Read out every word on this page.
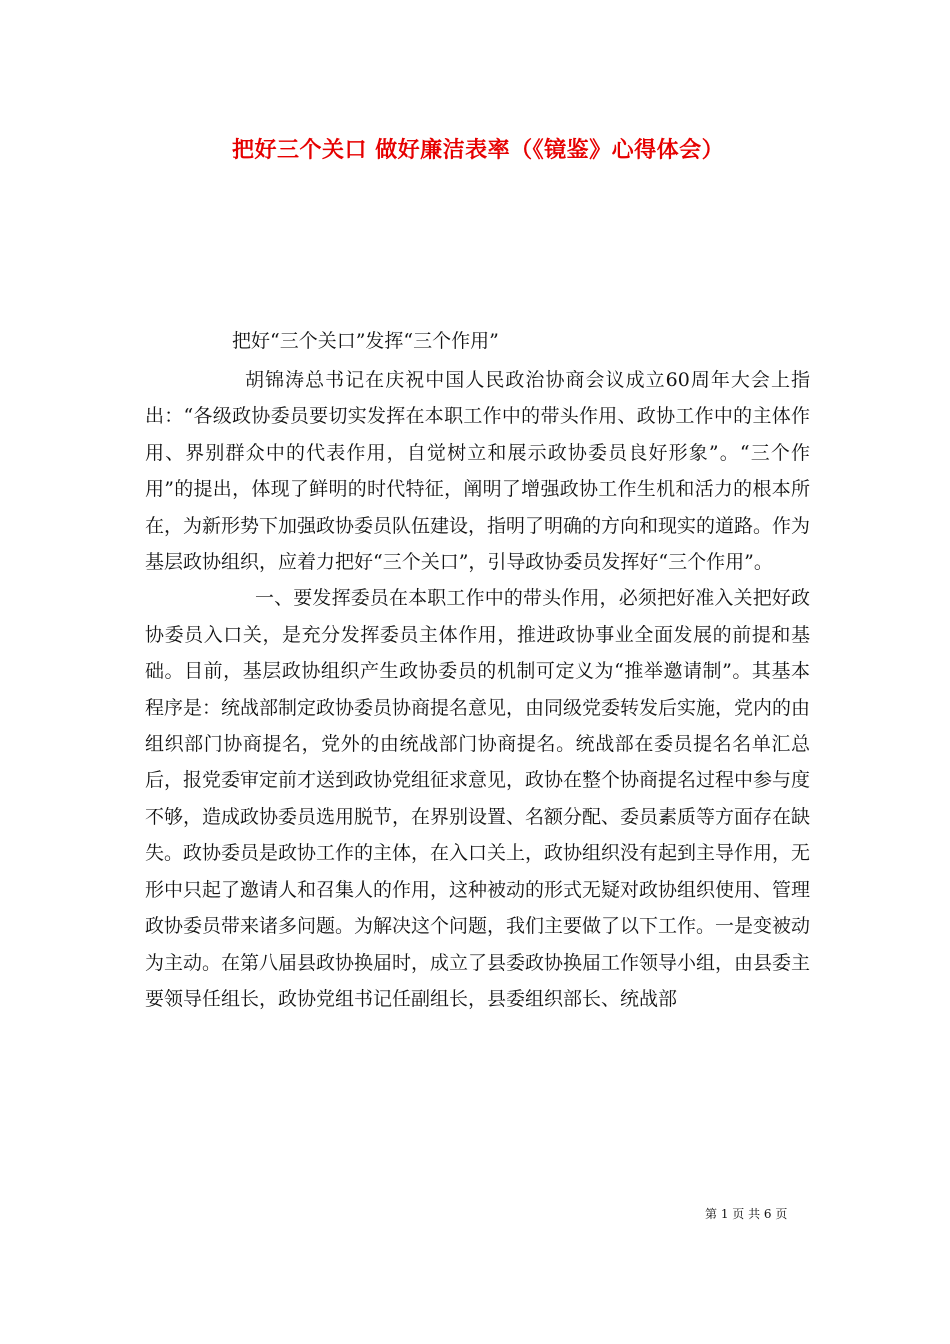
把好三个关口 做好廉洁表率（《镜鉴》心得体会）

把好“三个关口”发挥“三个作用”

胡锦涛总书记在庆祝中国人民政治协商会议成立60周年大会上指出：“各级政协委员要切实发挥在本职工作中的带头作用、政协工作中的主体作用、界别群众中的代表作用，自觉树立和展示政协委员良好形象”。“三个作用”的提出，体现了鲜明的时代特征，阐明了增强政协工作生机和活力的根本所在，为新形势下加强政协委员队伍建设，指明了明确的方向和现实的道路。作为基层政协组织，应着力把好“三个关口”，引导政协委员发挥好“三个作用”。

一、要发挥委员在本职工作中的带头作用，必须把好准入关把好政协委员入口关，是充分发挥委员主体作用，推进政协事业全面发展的前提和基础。目前，基层政协组织产生政协委员的机制可定义为“推举邀请制”。其基本程序是：统战部制定政协委员协商提名意见，由同级党委转发后实施，党内的由组织部门协商提名，党外的由统战部门协商提名。统战部在委员提名名单汇总后，报党委审定前才送到政协党组征求意见，政协在整个协商提名过程中参与度不够，造成政协委员选用脱节，在界别设置、名额分配、委员素质等方面存在缺失。政协委员是政协工作的主体，在入口关上，政协组织没有起到主导作用，无形中只起了邀请人和召集人的作用，这种被动的形式无疑对政协组织使用、管理政协委员带来诸多问题。为解决这个问题，我们主要做了以下工作。一是变被动为主动。在第八届县政协换届时，成立了县委政协换届工作领导小组，由县委主要领导任组长，政协党组书记任副组长，县委组织部长、统战部

第 1 页 共 6 页
